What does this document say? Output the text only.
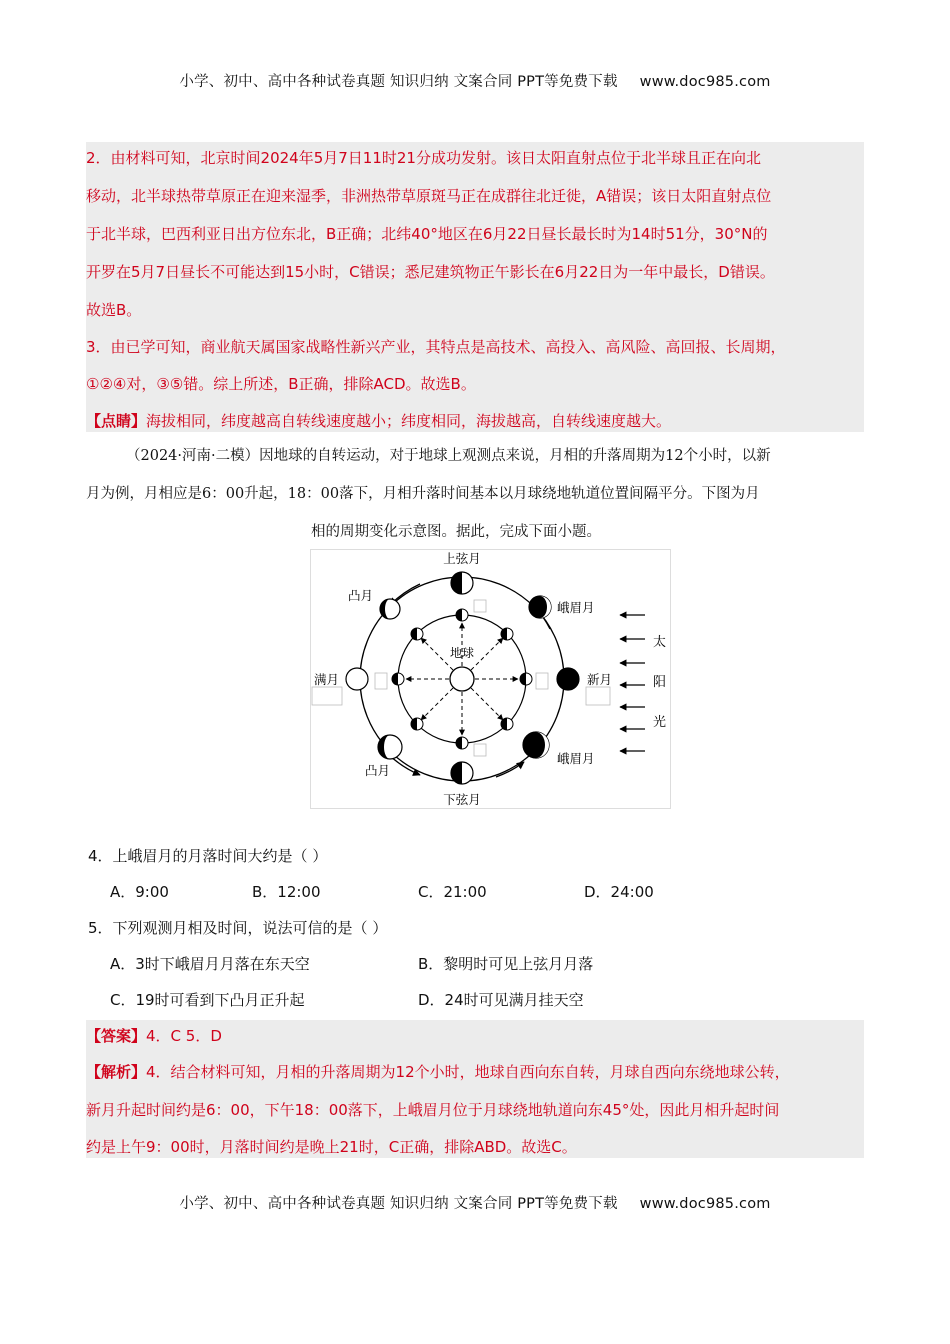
小学、初中、高中各种试卷真题 知识归纳 文案合同 PPT等免费下载 www.doc985.com
2．由材料可知，北京时间2024年5月7日11时21分成功发射。该日太阳直射点位于北半球且正在向北
移动，北半球热带草原正在迎来湿季，非洲热带草原斑马正在成群往北迁徙，A错误；该日太阳直射点位
于北半球，巴西利亚日出方位东北，B正确；北纬40°地区在6月22日昼长最长时为14时51分，30°N的
开罗在5月7日昼长不可能达到15小时，C错误；悉尼建筑物正午影长在6月22日为一年中最长，D错误。
故选B。
3．由已学可知，商业航天属国家战略性新兴产业，其特点是高技术、高投入、高风险、高回报、长周期，
①②④对，③⑤错。综上所述，B正确，排除ACD。故选B。
【点睛】海拔相同，纬度越高自转线速度越小；纬度相同，海拔越高，自转线速度越大。
（2024·河南·二模）因地球的自转运动，对于地球上观测点来说，月相的升落周期为12个小时，以新
月为例，月相应是6：00升起，18：00落下，月相升落时间基本以月球绕地轨道位置间隔平分。下图为月
相的周期变化示意图。据此，完成下面小题。
地球
上弦月
下弦月
满月	新月
凸月
凸月
峨眉月
峨眉月
太
阳
光
4．上峨眉月的月落时间大约是（ ）
A．9:00	B．12:00	C．21:00	D．24:00
5．下列观测月相及时间，说法可信的是（ ）
A．3时下峨眉月月落在东天空	B．黎明时可见上弦月月落
C．19时可看到下凸月正升起	D．24时可见满月挂天空
【答案】4．C 5．D
【解析】4．结合材料可知，月相的升落周期为12个小时，地球自西向东自转，月球自西向东绕地球公转，
新月升起时间约是6：00，下午18：00落下，上峨眉月位于月球绕地轨道向东45°处，因此月相升起时间
约是上午9：00时，月落时间约是晚上21时，C正确，排除ABD。故选C。
小学、初中、高中各种试卷真题 知识归纳 文案合同 PPT等免费下载 www.doc985.com
